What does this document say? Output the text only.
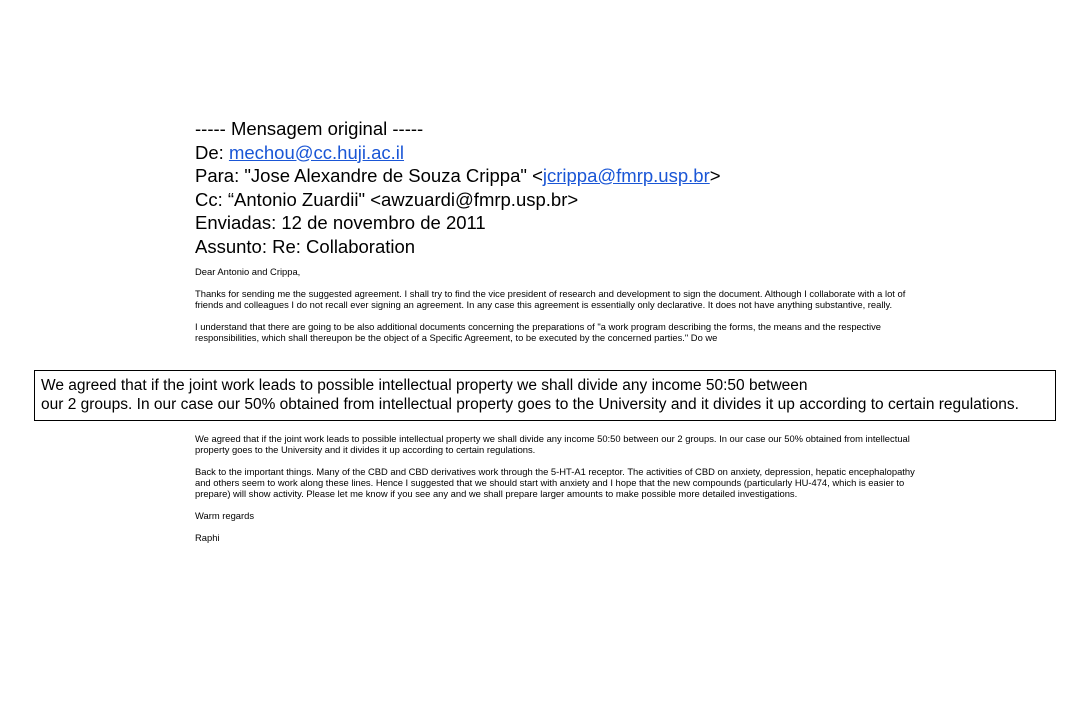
----- Mensagem original -----
De: mechou@cc.huji.ac.il
Para: "Jose Alexandre de Souza Crippa" <jcrippa@fmrp.usp.br>
Cc: “Antonio Zuardii" <awzuardi@fmrp.usp.br>
Enviadas: 12 de novembro de 2011
Assunto: Re: Collaboration

Dear Antonio and Crippa,

Thanks for sending me the suggested agreement. I shall try to find the vice president of research and development to sign the document. Although I collaborate with a lot of friends and colleagues I do not recall ever signing an agreement. In any case this agreement is essentially only declarative. It does not have anything substantive, really.

I understand that there are going to be also additional documents concerning the preparations of "a work program describing the forms, the means and the respective responsibilities, which shall thereupon be the object of a Specific Agreement, to be executed by the concerned parties." Do we

We agreed that if the joint work leads to possible intellectual property we shall divide any income 50:50 between our 2 groups. In our case our 50% obtained from intellectual property goes to the University and it divides it up according to certain regulations.

Back to the important things. Many of the CBD and CBD derivatives work through the 5-HT-A1 receptor. The activities of CBD on anxiety, depression, hepatic encephalopathy and others seem to work along these lines. Hence I suggested that we should start with anxiety and I hope that the new compounds (particularly HU-474, which is easier to prepare) will show activity. Please let me know if you see any and we shall prepare larger amounts to make possible more detailed investigations.

Warm regards

Raphi

We agreed that if the joint work leads to possible intellectual property we shall divide any income 50:50 between
our 2 groups. In our case our 50% obtained from intellectual property goes to the University and it divides it up according to certain regulations.
